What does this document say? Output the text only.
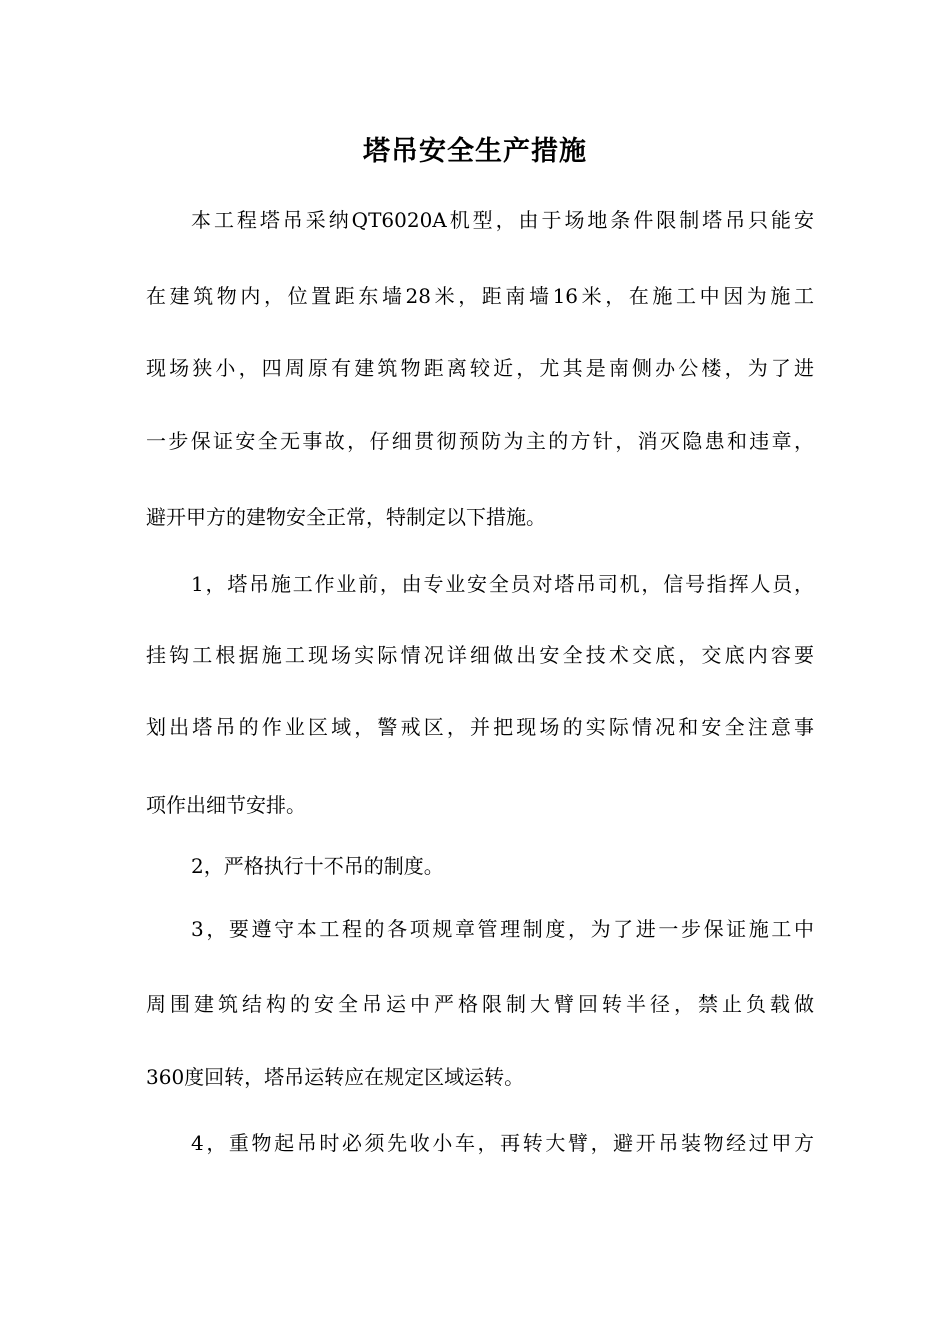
塔吊安全生产措施
本工程塔吊采纳QT6020A机型，由于场地条件限制塔吊只能安
在建筑物内，位置距东墙28米，距南墙16米，在施工中因为施工
现场狭小，四周原有建筑物距离较近，尤其是南侧办公楼，为了进
一步保证安全无事故，仔细贯彻预防为主的方针，消灭隐患和违章，
避开甲方的建物安全正常，特制定以下措施。
1，塔吊施工作业前，由专业安全员对塔吊司机，信号指挥人员，
挂钩工根据施工现场实际情况详细做出安全技术交底，交底内容要
划出塔吊的作业区域，警戒区，并把现场的实际情况和安全注意事
项作出细节安排。
2，严格执行十不吊的制度。
3，要遵守本工程的各项规章管理制度，为了进一步保证施工中
周围建筑结构的安全吊运中严格限制大臂回转半径，禁止负载做
360度回转，塔吊运转应在规定区域运转。
4，重物起吊时必须先收小车，再转大臂，避开吊装物经过甲方
